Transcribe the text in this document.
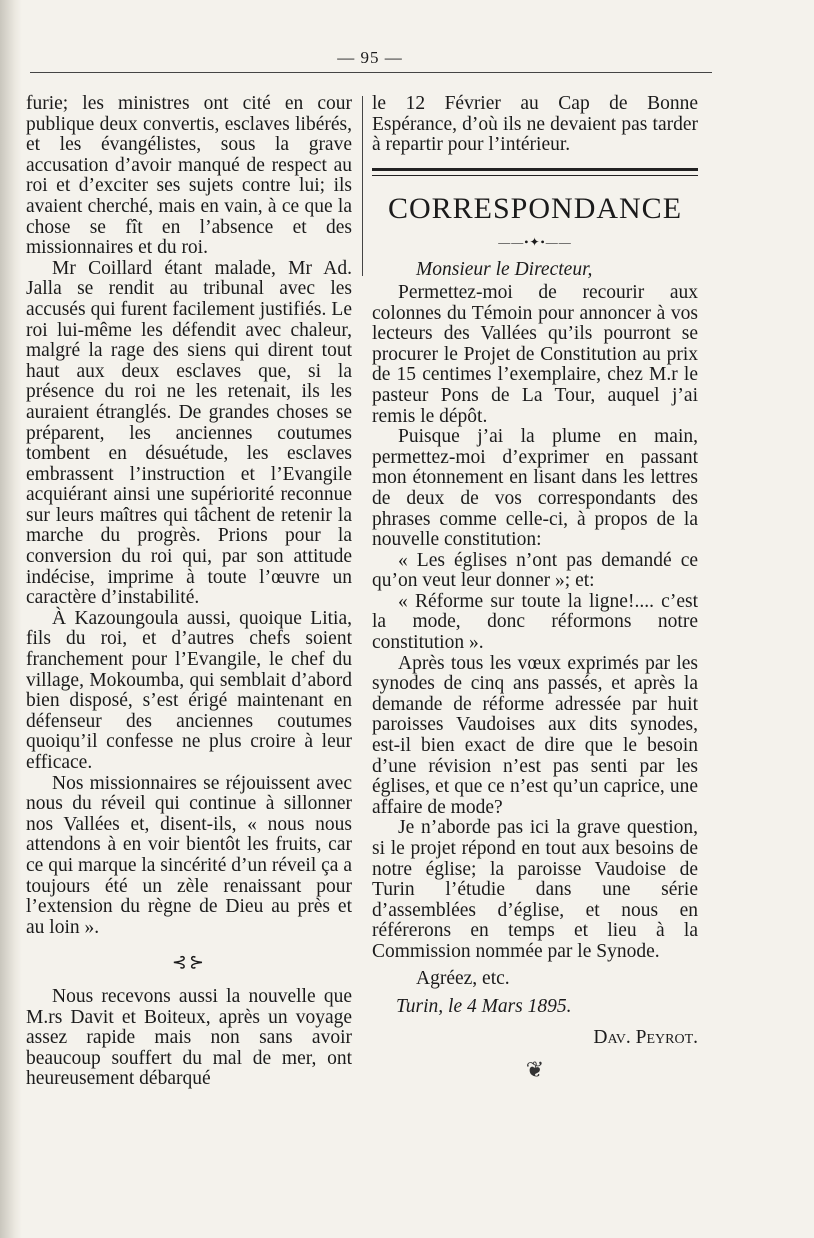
— 95 —

furie; les ministres ont cité en cour publique deux convertis, esclaves libérés, et les évangélistes, sous la grave accusation d’avoir manqué de respect au roi et d’exciter ses sujets contre lui; ils avaient cherché, mais en vain, à ce que la chose se fît en l’absence et des missionnaires et du roi.

Mr Coillard étant malade, Mr Ad. Jalla se rendit au tribunal avec les accusés qui furent facilement justifiés. Le roi lui-même les défendit avec chaleur, malgré la rage des siens qui dirent tout haut aux deux esclaves que, si la présence du roi ne les retenait, ils les auraient étranglés. De grandes choses se préparent, les anciennes coutumes tombent en désuétude, les esclaves embrassent l’instruction et l’Evangile acquiérant ainsi une supériorité reconnue sur leurs maîtres qui tâchent de retenir la marche du progrès. Prions pour la conversion du roi qui, par son attitude indécise, imprime à toute l’œuvre un caractère d’instabilité.

À Kazoungoula aussi, quoique Litia, fils du roi, et d’autres chefs soient franchement pour l’Evangile, le chef du village, Mokoumba, qui semblait d’abord bien disposé, s’est érigé maintenant en défenseur des anciennes coutumes quoiqu’il confesse ne plus croire à leur efficace.

Nos missionnaires se réjouissent avec nous du réveil qui continue à sillonner nos Vallées et, disent-ils, « nous nous attendons à en voir bientôt les fruits, car ce qui marque la sincérité d’un réveil ça a toujours été un zèle renaissant pour l’extension du règne de Dieu au près et au loin ».

⊰⊱

Nous recevons aussi la nouvelle que M.rs Davit et Boiteux, après un voyage assez rapide mais non sans avoir beaucoup souffert du mal de mer, ont heureusement débarqué

le 12 Février au Cap de Bonne Espérance, d’où ils ne devaient pas tarder à repartir pour l’intérieur.

CORRESPONDANCE
——•✦•——

Monsieur le Directeur,

Permettez-moi de recourir aux colonnes du Témoin pour annoncer à vos lecteurs des Vallées qu’ils pourront se procurer le Projet de Constitution au prix de 15 centimes l’exemplaire, chez M.r le pasteur Pons de La Tour, auquel j’ai remis le dépôt.

Puisque j’ai la plume en main, permettez-moi d’exprimer en passant mon étonnement en lisant dans les lettres de deux de vos correspondants des phrases comme celle-ci, à propos de la nouvelle constitution:

« Les églises n’ont pas demandé ce qu’on veut leur donner »; et:

« Réforme sur toute la ligne!.... c’est la mode, donc réformons notre constitution ».

Après tous les vœux exprimés par les synodes de cinq ans passés, et après la demande de réforme adressée par huit paroisses Vaudoises aux dits synodes, est-il bien exact de dire que le besoin d’une révision n’est pas senti par les églises, et que ce n’est qu’un caprice, une affaire de mode?

Je n’aborde pas ici la grave question, si le projet répond en tout aux besoins de notre église; la paroisse Vaudoise de Turin l’étudie dans une série d’assemblées d’église, et nous en référerons en temps et lieu à la Commission nommée par le Synode.

Agréez, etc.

Turin, le 4 Mars 1895.

Dav. Peyrot.

❦
